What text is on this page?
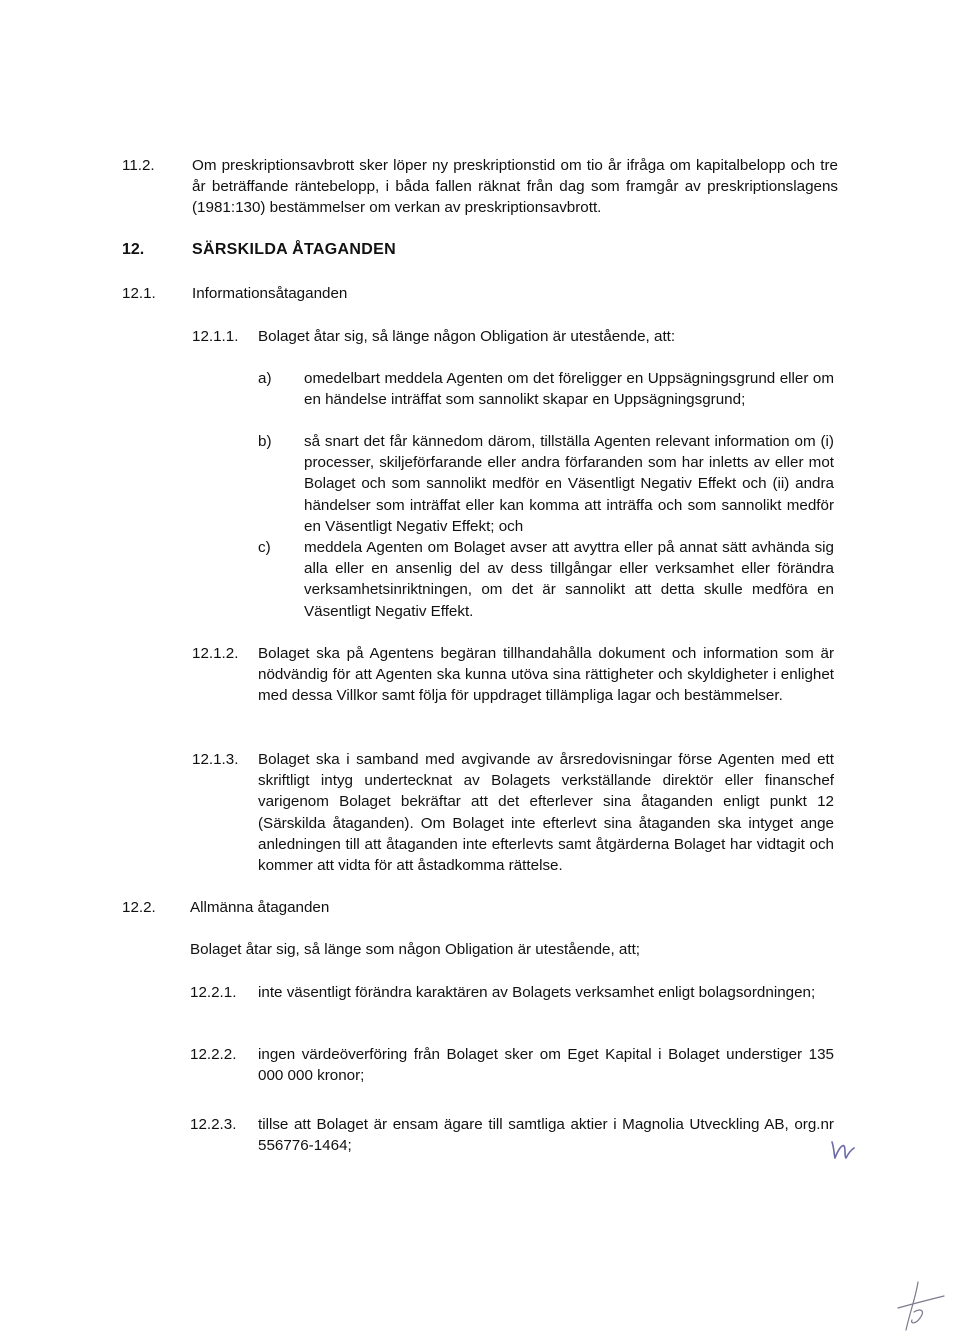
11.2. Om preskriptionsavbrott sker löper ny preskriptionstid om tio år ifråga om kapitalbelopp och tre år beträffande räntebelopp, i båda fallen räknat från dag som framgår av preskriptionslagens (1981:130) bestämmelser om verkan av preskriptionsavbrott.
12.	SÄRSKILDA ÅTAGANDEN
12.1. Informationsåtaganden
12.1.1. Bolaget åtar sig, så länge någon Obligation är utestående, att:
a) omedelbart meddela Agenten om det föreligger en Uppsägningsgrund eller om en händelse inträffat som sannolikt skapar en Uppsägningsgrund;
b) så snart det får kännedom därom, tillställa Agenten relevant information om (i) processer, skiljeförfarande eller andra förfaranden som har inletts av eller mot Bolaget och som sannolikt medför en Väsentligt Negativ Effekt och (ii) andra händelser som inträffat eller kan komma att inträffa och som sannolikt medför en Väsentligt Negativ Effekt; och
c) meddela Agenten om Bolaget avser att avyttra eller på annat sätt avhända sig alla eller en ansenlig del av dess tillgångar eller verksamhet eller förändra verksamhetsinriktningen, om det är sannolikt att detta skulle medföra en Väsentligt Negativ Effekt.
12.1.2. Bolaget ska på Agentens begäran tillhandahålla dokument och information som är nödvändig för att Agenten ska kunna utöva sina rättigheter och skyldigheter i enlighet med dessa Villkor samt följa för uppdraget tillämpliga lagar och bestämmelser.
12.1.3. Bolaget ska i samband med avgivande av årsredovisningar förse Agenten med ett skriftligt intyg undertecknat av Bolagets verkställande direktör eller finanschef varigenom Bolaget bekräftar att det efterlever sina åtaganden enligt punkt 12 (Särskilda åtaganden). Om Bolaget inte efterlevt sina åtaganden ska intyget ange anledningen till att åtaganden inte efterlevts samt åtgärderna Bolaget har vidtagit och kommer att vidta för att åstadkomma rättelse.
12.2. Allmänna åtaganden
Bolaget åtar sig, så länge som någon Obligation är utestående, att;
12.2.1. inte väsentligt förändra karaktären av Bolagets verksamhet enligt bolagsordningen;
12.2.2. ingen värdeöverföring från Bolaget sker om Eget Kapital i Bolaget understiger 135 000 000 kronor;
12.2.3. tillse att Bolaget är ensam ägare till samtliga aktier i Magnolia Utveckling AB, org.nr 556776-1464;
